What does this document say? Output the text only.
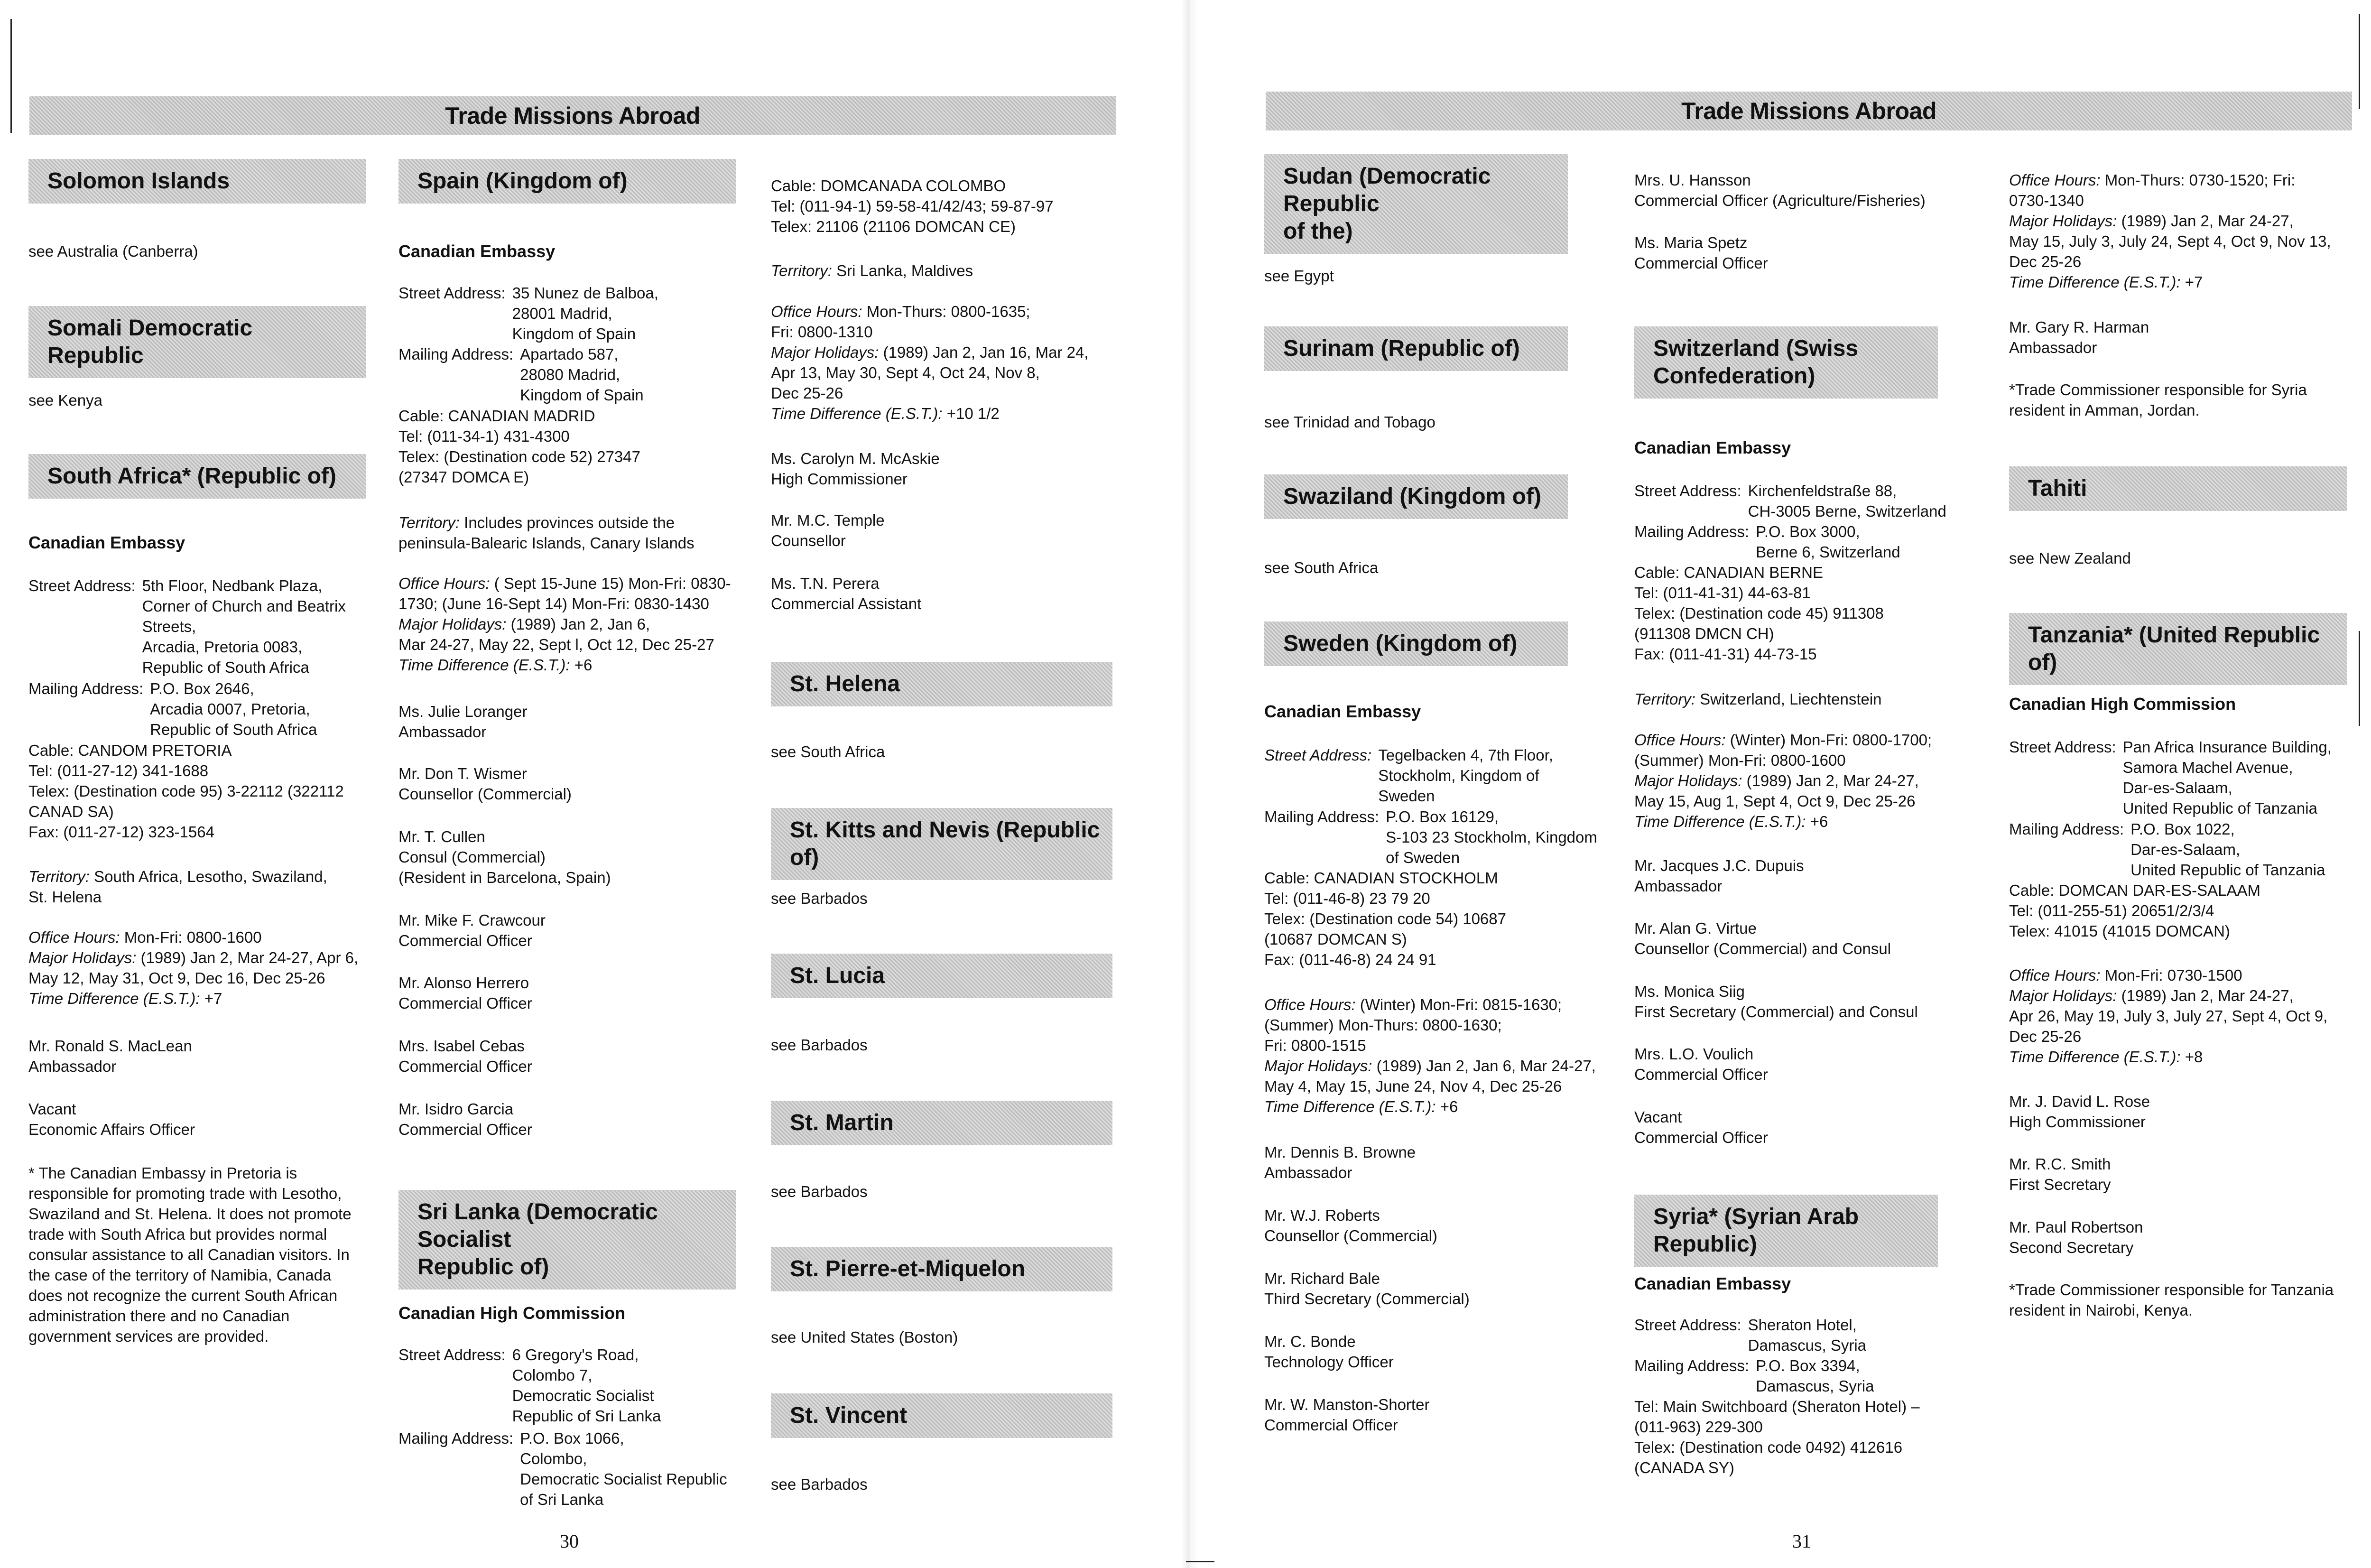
Trade Missions Abroad	Trade Missions Abroad
Solomon Islands
see Australia (Canberra)
Somali Democratic Republic
see Kenya
South Africa* (Republic of)
Canadian Embassy
Street Address: 5th Floor, Nedbank Plaza,
Corner of Church and Beatrix
Streets,
Arcadia, Pretoria 0083,
Republic of South Africa
Mailing Address: P.O. Box 2646,
Arcadia 0007, Pretoria,
Republic of South Africa
Cable: CANDOM PRETORIA
Tel: (011-27-12) 341-1688
Telex: (Destination code 95) 3-22112 (322112
CANAD SA)
Fax: (011-27-12) 323-1564
Territory: South Africa, Lesotho, Swaziland,
St. Helena
Office Hours: Mon-Fri: 0800-1600
Major Holidays: (1989) Jan 2, Mar 24-27, Apr 6,
May 12, May 31, Oct 9, Dec 16, Dec 25-26
Time Difference (E.S.T.): +7
Mr. Ronald S. MacLean
Ambassador
Vacant
Economic Affairs Officer
* The Canadian Embassy in Pretoria is
responsible for promoting trade with Lesotho,
Swaziland and St. Helena. It does not promote
trade with South Africa but provides normal
consular assistance to all Canadian visitors. In
the case of the territory of Namibia, Canada
does not recognize the current South African
administration there and no Canadian
government services are provided.
Spain (Kingdom of)
Canadian Embassy
Street Address: 35 Nunez de Balboa,
28001 Madrid,
Kingdom of Spain
Mailing Address: Apartado 587,
28080 Madrid,
Kingdom of Spain
Cable: CANADIAN MADRID
Tel: (011-34-1) 431-4300
Telex: (Destination code 52) 27347
(27347 DOMCA E)
Territory: Includes provinces outside the
peninsula-Balearic Islands, Canary Islands
Office Hours: ( Sept 15-June 15) Mon-Fri: 0830-
1730; (June 16-Sept 14) Mon-Fri: 0830-1430
Major Holidays: (1989) Jan 2, Jan 6,
Mar 24-27, May 22, Sept l, Oct 12, Dec 25-27
Time Difference (E.S.T.): +6
Ms. Julie Loranger
Ambassador
Mr. Don T. Wismer
Counsellor (Commercial)
Mr. T. Cullen
Consul (Commercial)
(Resident in Barcelona, Spain)
Mr. Mike F. Crawcour
Commercial Officer
Mr. Alonso Herrero
Commercial Officer
Mrs. Isabel Cebas
Commercial Officer
Mr. Isidro Garcia
Commercial Officer
Sri Lanka (Democratic Socialist
Republic of)
Canadian High Commission
Street Address: 6 Gregory's Road,
Colombo 7,
Democratic Socialist
Republic of Sri Lanka
Mailing Address: P.O. Box 1066,
Colombo,
Democratic Socialist Republic
of Sri Lanka
Cable: DOMCANADA COLOMBO
Tel: (011-94-1) 59-58-41/42/43; 59-87-97
Telex: 21106 (21106 DOMCAN CE)
Territory: Sri Lanka, Maldives
Office Hours: Mon-Thurs: 0800-1635;
Fri: 0800-1310
Major Holidays: (1989) Jan 2, Jan 16, Mar 24,
Apr 13, May 30, Sept 4, Oct 24, Nov 8,
Dec 25-26
Time Difference (E.S.T.): +10 1/2
Ms. Carolyn M. McAskie
High Commissioner
Mr. M.C. Temple
Counsellor
Ms. T.N. Perera
Commercial Assistant
St. Helena
see South Africa
St. Kitts and Nevis (Republic of)
see Barbados
St. Lucia
see Barbados
St. Martin
see Barbados
St. Pierre-et-Miquelon
see United States (Boston)
St. Vincent
see Barbados
30
Sudan (Democratic Republic
of the)
see Egypt
Surinam (Republic of)
see Trinidad and Tobago
Swaziland (Kingdom of)
see South Africa
Sweden (Kingdom of)
Canadian Embassy
Street Address: Tegelbacken 4, 7th Floor,
Stockholm, Kingdom of
Sweden
Mailing Address: P.O. Box 16129,
S-103 23 Stockholm, Kingdom
of Sweden
Cable: CANADIAN STOCKHOLM
Tel: (011-46-8) 23 79 20
Telex: (Destination code 54) 10687
(10687 DOMCAN S)
Fax: (011-46-8) 24 24 91
Office Hours: (Winter) Mon-Fri: 0815-1630;
(Summer) Mon-Thurs: 0800-1630;
Fri: 0800-1515
Major Holidays: (1989) Jan 2, Jan 6, Mar 24-27,
May 4, May 15, June 24, Nov 4, Dec 25-26
Time Difference (E.S.T.): +6
Mr. Dennis B. Browne
Ambassador
Mr. W.J. Roberts
Counsellor (Commercial)
Mr. Richard Bale
Third Secretary (Commercial)
Mr. C. Bonde
Technology Officer
Mr. W. Manston-Shorter
Commercial Officer
Mrs. U. Hansson
Commercial Officer (Agriculture/Fisheries)
Ms. Maria Spetz
Commercial Officer
Switzerland (Swiss
Confederation)
Canadian Embassy
Street Address: Kirchenfeldstraße 88,
CH-3005 Berne, Switzerland
Mailing Address: P.O. Box 3000,
Berne 6, Switzerland
Cable: CANADIAN BERNE
Tel: (011-41-31) 44-63-81
Telex: (Destination code 45) 911308
(911308 DMCN CH)
Fax: (011-41-31) 44-73-15
Territory: Switzerland, Liechtenstein
Office Hours: (Winter) Mon-Fri: 0800-1700;
(Summer) Mon-Fri: 0800-1600
Major Holidays: (1989) Jan 2, Mar 24-27,
May 15, Aug 1, Sept 4, Oct 9, Dec 25-26
Time Difference (E.S.T.): +6
Mr. Jacques J.C. Dupuis
Ambassador
Mr. Alan G. Virtue
Counsellor (Commercial) and Consul
Ms. Monica Siig
First Secretary (Commercial) and Consul
Mrs. L.O. Voulich
Commercial Officer
Vacant
Commercial Officer
Syria* (Syrian Arab Republic)
Canadian Embassy
Street Address: Sheraton Hotel,
Damascus, Syria
Mailing Address: P.O. Box 3394,
Damascus, Syria
Tel: Main Switchboard (Sheraton Hotel) –
(011-963) 229-300
Telex: (Destination code 0492) 412616
(CANADA SY)
Office Hours: Mon-Thurs: 0730-1520; Fri:
0730-1340
Major Holidays: (1989) Jan 2, Mar 24-27,
May 15, July 3, July 24, Sept 4, Oct 9, Nov 13,
Dec 25-26
Time Difference (E.S.T.): +7
Mr. Gary R. Harman
Ambassador
*Trade Commissioner responsible for Syria
resident in Amman, Jordan.
Tahiti
see New Zealand
Tanzania* (United Republic of)
Canadian High Commission
Street Address: Pan Africa Insurance Building,
Samora Machel Avenue,
Dar-es-Salaam,
United Republic of Tanzania
Mailing Address: P.O. Box 1022,
Dar-es-Salaam,
United Republic of Tanzania
Cable: DOMCAN DAR-ES-SALAAM
Tel: (011-255-51) 20651/2/3/4
Telex: 41015 (41015 DOMCAN)
Office Hours: Mon-Fri: 0730-1500
Major Holidays: (1989) Jan 2, Mar 24-27,
Apr 26, May 19, July 3, July 27, Sept 4, Oct 9,
Dec 25-26
Time Difference (E.S.T.): +8
Mr. J. David L. Rose
High Commissioner
Mr. R.C. Smith
First Secretary
Mr. Paul Robertson
Second Secretary
*Trade Commissioner responsible for Tanzania
resident in Nairobi, Kenya.
31
